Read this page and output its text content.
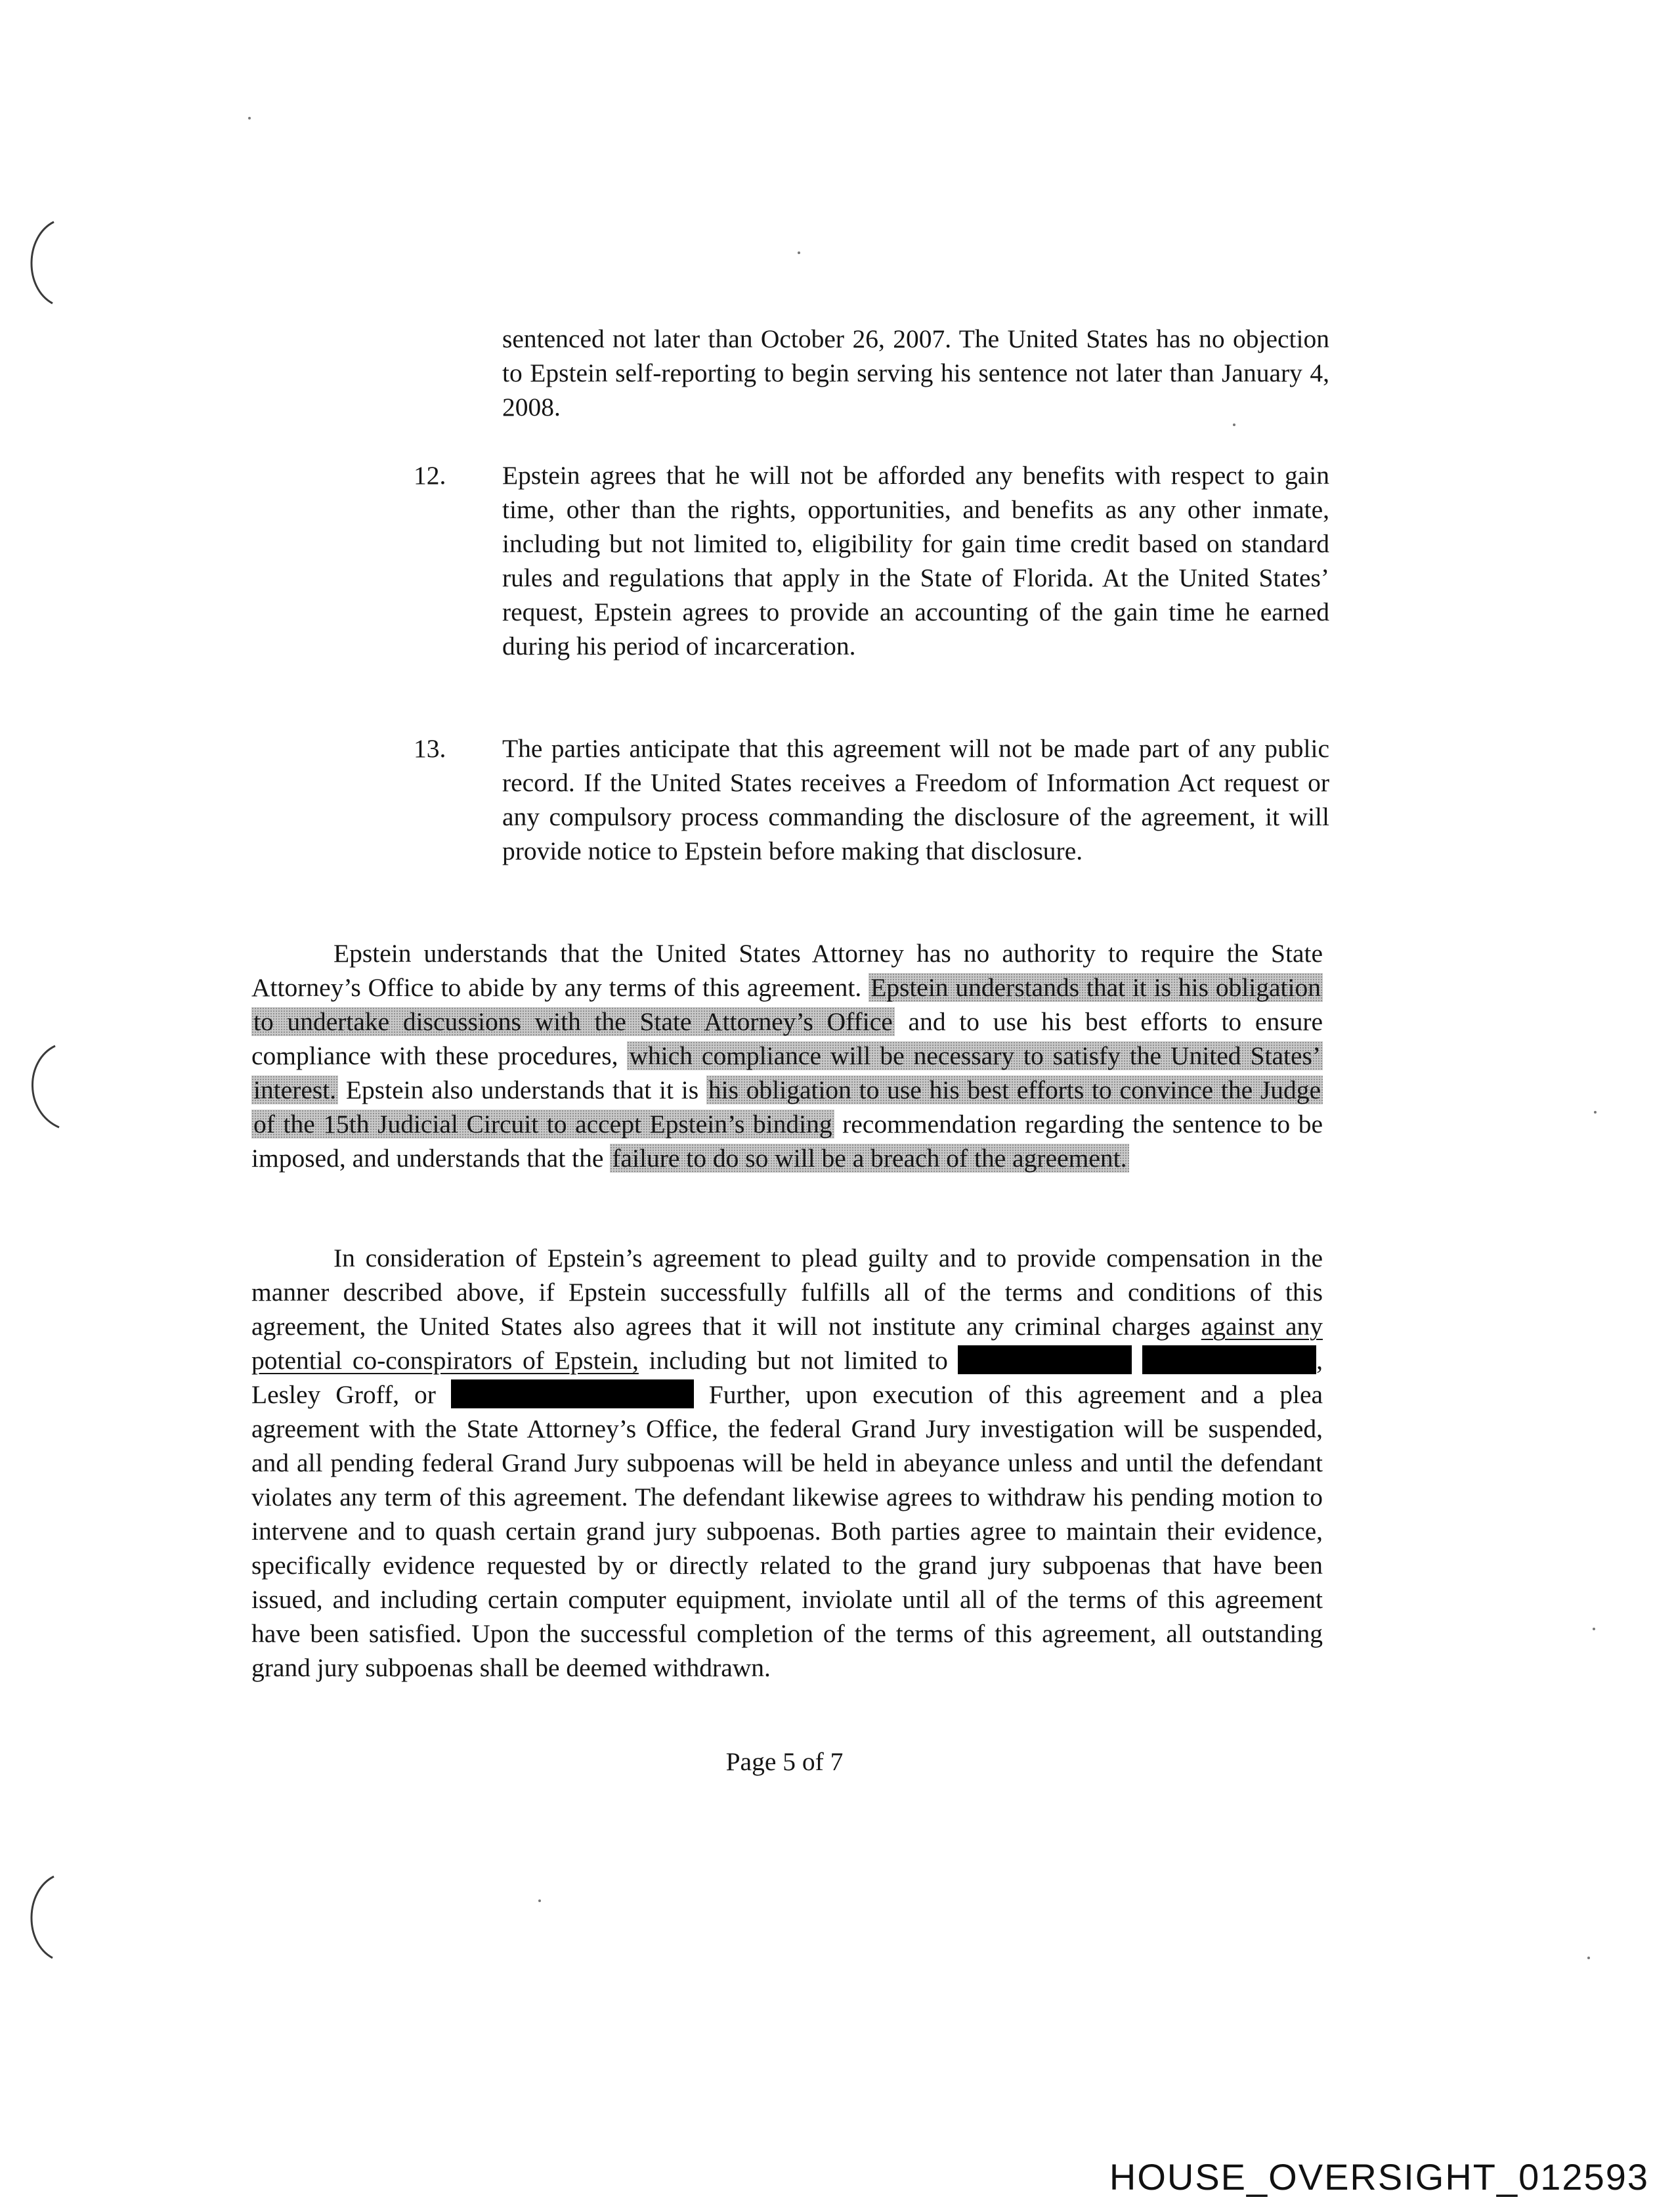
sentenced not later than October 26, 2007. The United States has no objection to Epstein self-reporting to begin serving his sentence not later than January 4, 2008.
12. Epstein agrees that he will not be afforded any benefits with respect to gain time, other than the rights, opportunities, and benefits as any other inmate, including but not limited to, eligibility for gain time credit based on standard rules and regulations that apply in the State of Florida. At the United States’ request, Epstein agrees to provide an accounting of the gain time he earned during his period of incarceration.
13. The parties anticipate that this agreement will not be made part of any public record. If the United States receives a Freedom of Information Act request or any compulsory process commanding the disclosure of the agreement, it will provide notice to Epstein before making that disclosure.
Epstein understands that the United States Attorney has no authority to require the State Attorney’s Office to abide by any terms of this agreement. Epstein understands that it is his obligation to undertake discussions with the State Attorney’s Office and to use his best efforts to ensure compliance with these procedures, which compliance will be necessary to satisfy the United States’ interest. Epstein also understands that it is his obligation to use his best efforts to convince the Judge of the 15th Judicial Circuit to accept Epstein’s binding recommendation regarding the sentence to be imposed, and understands that the failure to do so will be a breach of the agreement.
In consideration of Epstein’s agreement to plead guilty and to provide compensation in the manner described above, if Epstein successfully fulfills all of the terms and conditions of this agreement, the United States also agrees that it will not institute any criminal charges against any potential co-conspirators of Epstein, including but not limited to	, Lesley Groff, or	Further, upon execution of this agreement and a plea agreement with the State Attorney’s Office, the federal Grand Jury investigation will be suspended, and all pending federal Grand Jury subpoenas will be held in abeyance unless and until the defendant violates any term of this agreement. The defendant likewise agrees to withdraw his pending motion to intervene and to quash certain grand jury subpoenas. Both parties agree to maintain their evidence, specifically evidence requested by or directly related to the grand jury subpoenas that have been issued, and including certain computer equipment, inviolate until all of the terms of this agreement have been satisfied. Upon the successful completion of the terms of this agreement, all outstanding grand jury subpoenas shall be deemed withdrawn.
Page 5 of 7
HOUSE_OVERSIGHT_012593
